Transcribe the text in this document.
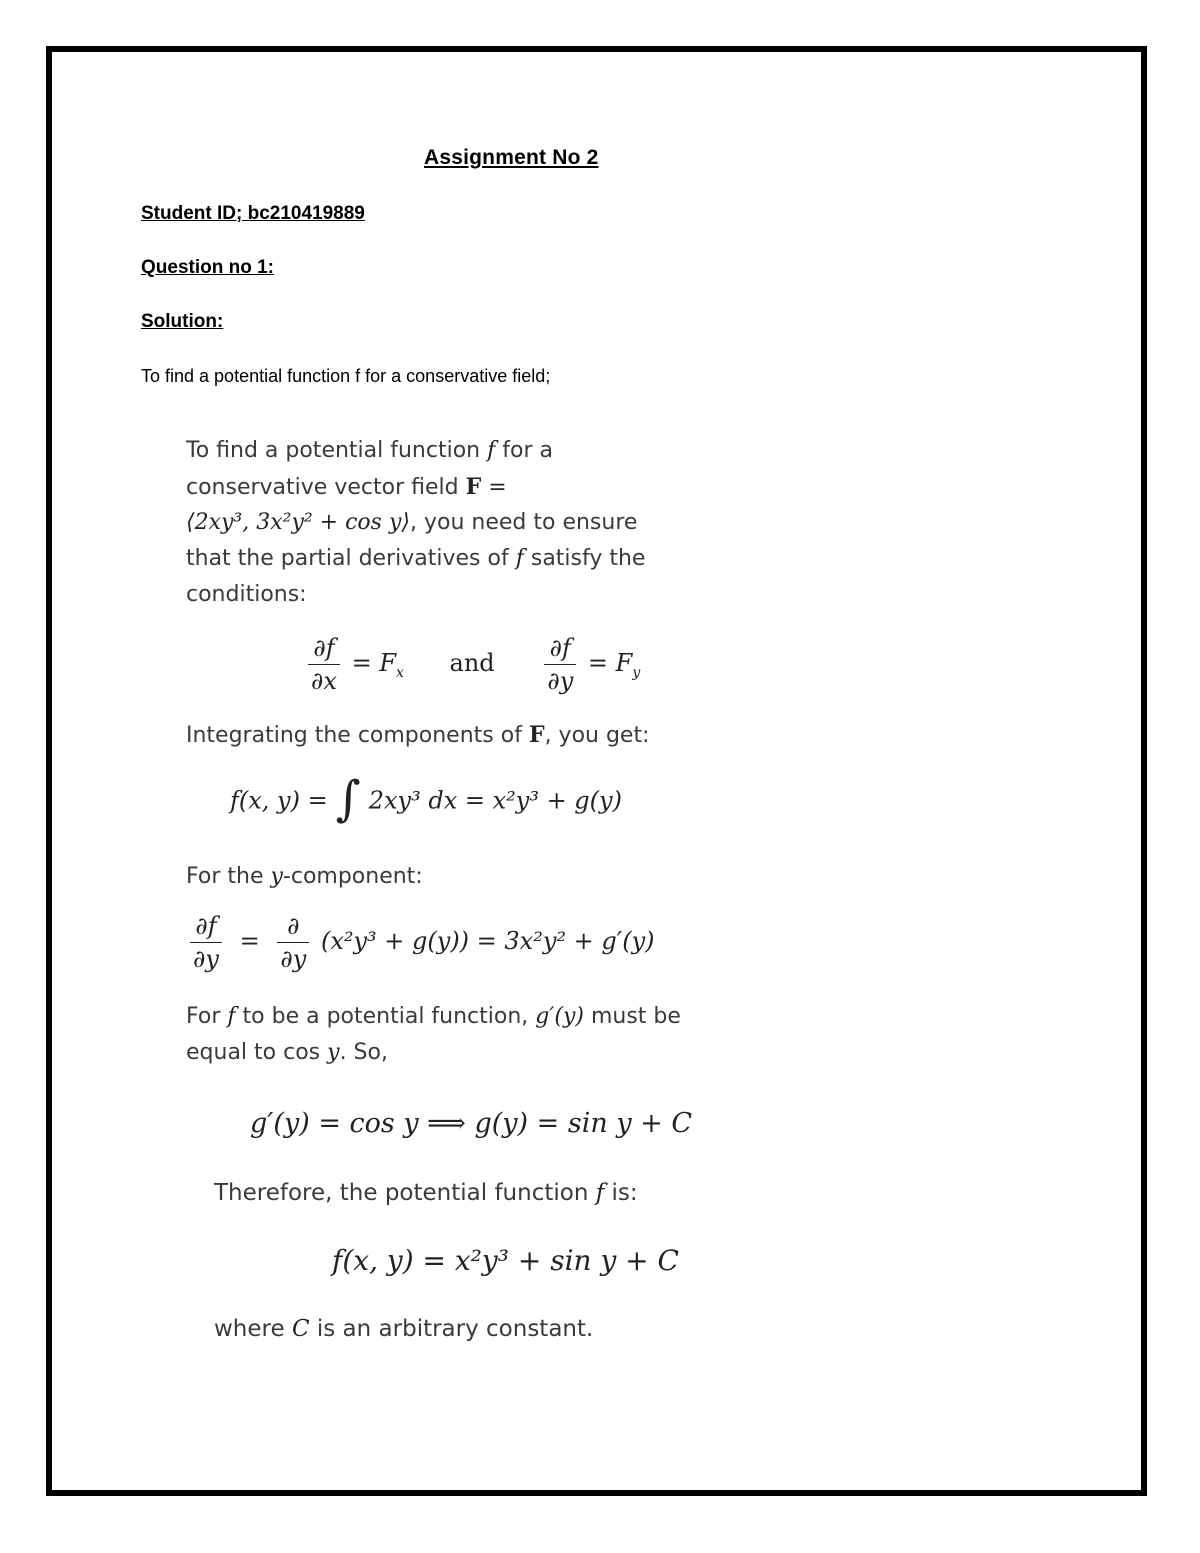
Assignment No 2
Student ID; bc210419889
Question no 1:
Solution:
To find a potential function f for a conservative field;
To find a potential function f for a
conservative vector field F =
⟨2xy³, 3x²y² + cos y⟩, you need to ensure
that the partial derivatives of f satisfy the
conditions:
$\frac{\partial f}{\partial x} = F_x$ and $\frac{\partial f}{\partial y} = F_y$
Integrating the components of F, you get:
f(x, y) = ∫ 2xy³ dx = x²y³ + g(y)
For the y-component:
$\frac{\partial f}{\partial y} = \frac{\partial}{\partial y} (x^2y^3 + g(y)) = 3x^2y^2 + g'(y)$
For f to be a potential function, g′(y) must be
equal to cos y. So,
g′(y) = cos y ⟹ g(y) = sin y + C
Therefore, the potential function f is:
f(x, y) = x²y³ + sin y + C
where C is an arbitrary constant.
